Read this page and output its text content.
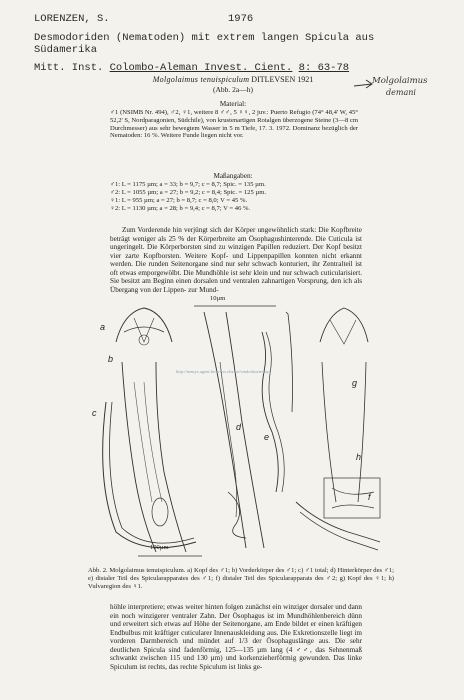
LORENZEN, S.	1976
Desmodoriden (Nematoden) mit extrem langen Spicula aus
Südamerika
Mitt. Inst. Colombo-Aleman Invest. Cient. 8: 63-78
Molgolaimus
demani
Molgolaimus tenuispiculum DITLEVSEN 1921
(Abb. 2a—h)
Material:
♂1 (NSIMB Nr. 494), ♂2, ♀1, weitere 8 ♂♂, 5 ♀♀, 2 juv.: Puerto Refugio (74° 48,4' W, 45° 52,2' S, Nordparagonien, Südchile), von krustenartigen Rotalgen überzogene Steine (3—8 cm Durchmesser) aus sehr bewegtem Wasser in 5 m Tiefe, 17. 3. 1972. Dominanz bezüglich der Nematoden: 16 %. Weitere Funde liegen nicht vor.
Maßangaben:
♂1: L = 1175 µm; a = 33; b = 9,7; c = 8,7; Spic. = 135 µm.
♂2: L = 1055 µm; a = 27; b = 9,2; c = 8,4; Spic. = 125 µm.
♀1: L = 955 µm; a = 27; b = 8,7; c = 8,0; V = 45 %.
♀2: L = 1130 µm; a = 28; b = 9,4; c = 8,7; V = 46 %.
Zum Vorderende hin verjüngt sich der Körper ungewöhnlich stark: Die Kopfbreite beträgt weniger als 25 % der Körperbreite am Ösophagushinterende. Die Cuticula ist ungeringelt. Die Körperborsten sind zu winzigen Papillen reduziert. Der Kopf besitzt vier zarte Kopfborsten. Weitere Kopf- und Lippenpapillen konnten nicht erkannt werden. Die runden Seitenorgane sind nur sehr schwach konturiert, ihr Zentralteil ist oft etwas emporgewölbt. Die Mundhöhle ist sehr klein und nur schwach cuticularisiert. Sie besitzt am Beginn einen dorsalen und ventralen zahnartigen Vorsprung, den ich als Übergang von der Lippen- zur Mund-
a
b
c
d
e
f
g
h
10µm
100µm
http://nemys.ugent.be/www.vliz.be/vmdcdata/nemys
Abb. 2. Molgolaimus tenuispiculum. a) Kopf des ♂1; b) Vorderkörper des ♂1; c) ♂1 total; d) Hinterkörper des ♂1; e) distaler Teil des Spicularapparates des ♂1; f) distaler Teil des Spicularapparats des ♂2; g) Kopf des ♀1; h) Vulvaregion des ♀1.
höhle interpretiere; etwas weiter hinten folgen zunächst ein winziger dorsaler und dann ein noch winzigerer ventraler Zahn. Der Ösophagus ist im Mundhöhlenbereich dünn und erweitert sich etwas auf Höhe der Seitenorgane, am Ende bildet er einen kräftigen Endbulbus mit kräftiger cuticularer Innenauskleidung aus. Die Exkretionszelle liegt im vorderen Darmbereich und mündet auf 1/3 der Ösophaguslänge aus. Die sehr deutlichen Spicula sind fadenförmig, 125—135 µm lang (4 ♂♂, das Sehnenmaß schwankt zwischen 115 und 130 µm) und korkenzieherförmig gewunden. Das linke Spiculum ist rechts, das rechte Spiculum ist links ge-
